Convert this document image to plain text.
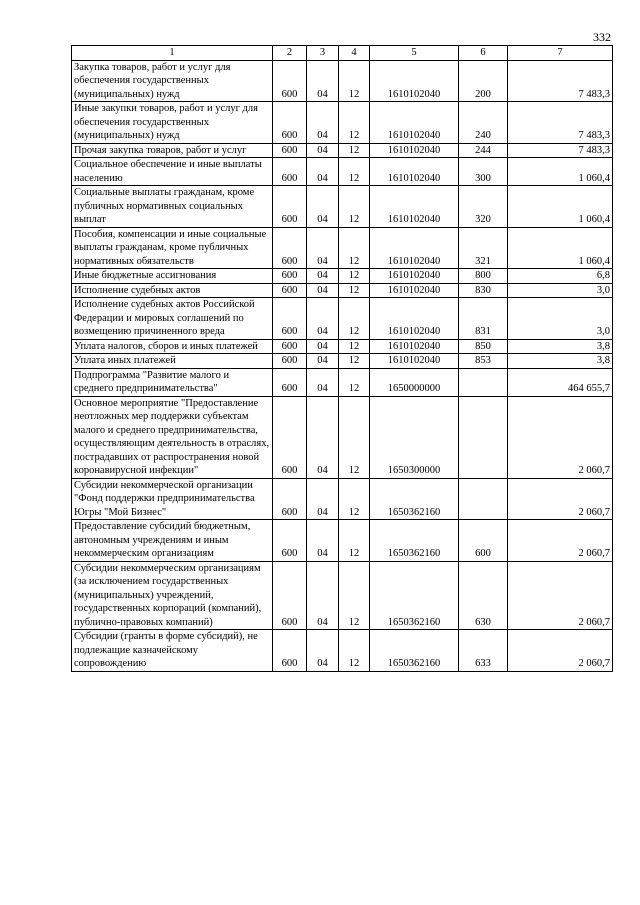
332
1	2	3	4	5	6	7
Закупка товаров, работ и услуг для обеспечения государственных (муниципальных) нужд	600	04	12	1610102040	200	7 483,3
Иные закупки товаров, работ и услуг для обеспечения государственных (муниципальных) нужд	600	04	12	1610102040	240	7 483,3
Прочая закупка товаров, работ и услуг	600	04	12	1610102040	244	7 483,3
Социальное обеспечение и иные выплаты населению	600	04	12	1610102040	300	1 060,4
Социальные выплаты гражданам, кроме публичных нормативных социальных выплат	600	04	12	1610102040	320	1 060,4
Пособия, компенсации и иные социальные выплаты гражданам, кроме публичных нормативных обязательств	600	04	12	1610102040	321	1 060,4
Иные бюджетные ассигнования	600	04	12	1610102040	800	6,8
Исполнение судебных актов	600	04	12	1610102040	830	3,0
Исполнение судебных актов Российской Федерации и мировых соглашений по возмещению причиненного вреда	600	04	12	1610102040	831	3,0
Уплата налогов, сборов и иных платежей	600	04	12	1610102040	850	3,8
Уплата иных платежей	600	04	12	1610102040	853	3,8
Подпрограмма "Развитие малого и среднего предпринимательства"	600	04	12	1650000000		464 655,7
Основное мероприятие "Предоставление неотложных мер поддержки субъектам малого и среднего предпринимательства, осуществляющим деятельность в отраслях, пострадавших от распространения новой коронавирусной инфекции"	600	04	12	1650300000		2 060,7
Субсидии некоммерческой организации "Фонд поддержки предпринимательства Югры "Мой Бизнес"	600	04	12	1650362160		2 060,7
Предоставление субсидий бюджетным, автономным учреждениям и иным некоммерческим организациям	600	04	12	1650362160	600	2 060,7
Субсидии некоммерческим организациям (за исключением государственных (муниципальных) учреждений, государственных корпораций (компаний), публично-правовых компаний)	600	04	12	1650362160	630	2 060,7
Субсидии (гранты в форме субсидий), не подлежащие казначейскому сопровождению	600	04	12	1650362160	633	2 060,7
